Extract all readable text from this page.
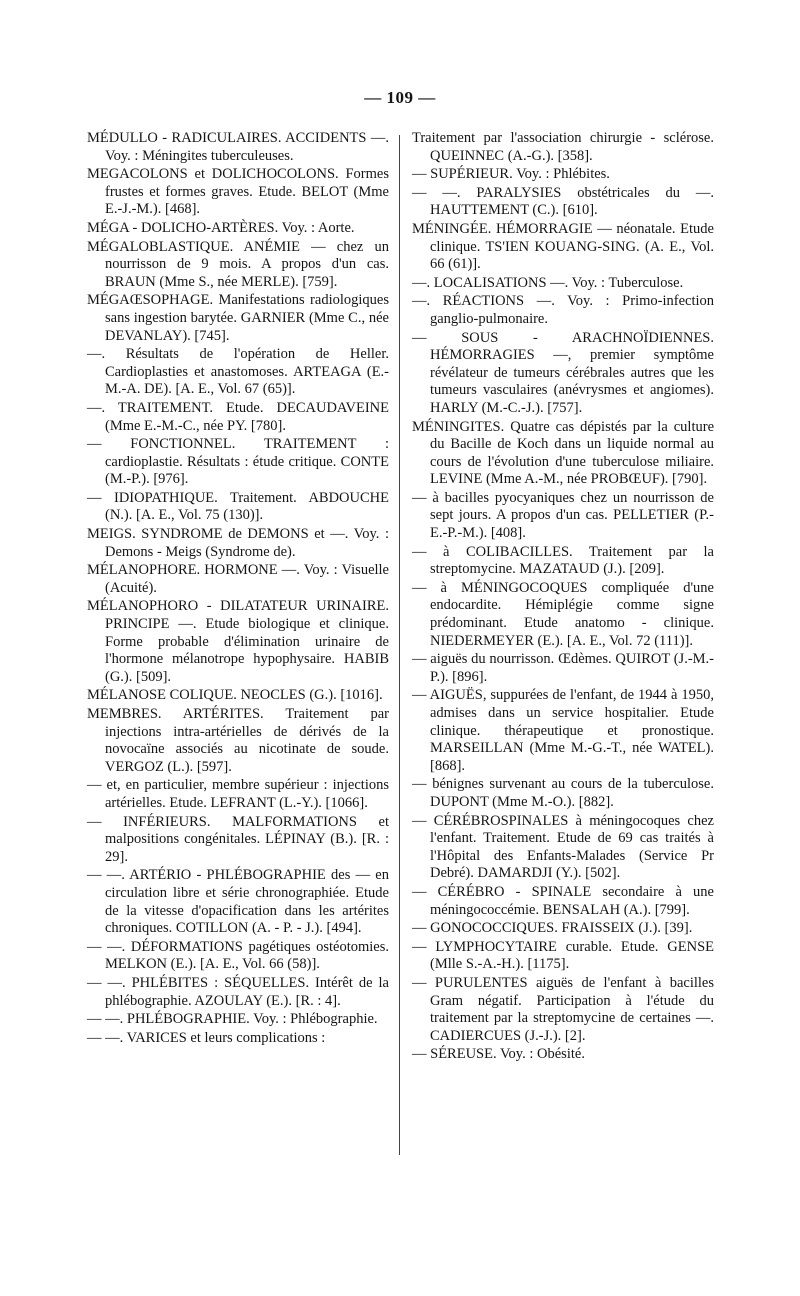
— 109 —

MÉDULLO - RADICULAIRES. ACCIDENTS —. Voy. : Méningites tuberculeuses.

MEGACOLONS et DOLICHOCOLONS. Formes frustes et formes graves. Etude. BELOT (Mme E.-J.-M.). [468].

MÉGA - DOLICHO-ARTÈRES. Voy. : Aorte.

MÉGALOBLASTIQUE. ANÉMIE — chez un nourrisson de 9 mois. A propos d'un cas. BRAUN (Mme S., née MERLE). [759].

MÉGAŒSOPHAGE. Manifestations radiologiques sans ingestion barytée. GARNIER (Mme C., née DEVANLAY). [745].

—. Résultats de l'opération de Heller. Cardioplasties et anastomoses. ARTEAGA (E.-M.-A. DE). [A. E., Vol. 67 (65)].

—. TRAITEMENT. Etude. DECAUDAVEINE (Mme E.-M.-C., née PY. [780].

— FONCTIONNEL. TRAITEMENT : cardioplastie. Résultats : étude critique. CONTE (M.-P.). [976].

— IDIOPATHIQUE. Traitement. ABDOUCHE (N.). [A. E., Vol. 75 (130)].

MEIGS. SYNDROME de DEMONS et —. Voy. : Demons - Meigs (Syndrome de).

MÉLANOPHORE. HORMONE —. Voy. : Visuelle (Acuité).

MÉLANOPHORO - DILATATEUR URINAIRE. PRINCIPE —. Etude biologique et clinique. Forme probable d'élimination urinaire de l'hormone mélanotrope hypophysaire. HABIB (G.). [509].

MÉLANOSE COLIQUE. NEOCLES (G.). [1016].

MEMBRES. ARTÉRITES. Traitement par injections intra-artérielles de dérivés de la novocaïne associés au nicotinate de soude. VERGOZ (L.). [597].

— et, en particulier, membre supérieur : injections artérielles. Etude. LEFRANT (L.-Y.). [1066].

— INFÉRIEURS. MALFORMATIONS et malpositions congénitales. LÉPINAY (B.). [R. : 29].

— —. ARTÉRIO - PHLÉBOGRAPHIE des — en circulation libre et série chronographiée. Etude de la vitesse d'opacification dans les artérites chroniques. COTILLON (A. - P. - J.). [494].

— —. DÉFORMATIONS pagétiques ostéotomies. MELKON (E.). [A. E., Vol. 66 (58)].

— —. PHLÉBITES : SÉQUELLES. Intérêt de la phlébographie. AZOULAY (E.). [R. : 4].

— —. PHLÉBOGRAPHIE. Voy. : Phlébographie.

— —. VARICES et leurs complications :

Traitement par l'association chirurgie - sclérose. QUEINNEC (A.-G.). [358].

— SUPÉRIEUR. Voy. : Phlébites.

— —. PARALYSIES obstétricales du —. HAUTTEMENT (C.). [610].

MÉNINGÉE. HÉMORRAGIE — néonatale. Etude clinique. TS'IEN KOUANG-SING. (A. E., Vol. 66 (61)].

—. LOCALISATIONS —. Voy. : Tuberculose.

—. RÉACTIONS —. Voy. : Primo-infection ganglio-pulmonaire.

— SOUS - ARACHNOÏDIENNES. HÉMORRAGIES —, premier symptôme révélateur de tumeurs cérébrales autres que les tumeurs vasculaires (anévrysmes et angiomes). HARLY (M.-C.-J.). [757].

MÉNINGITES. Quatre cas dépistés par la culture du Bacille de Koch dans un liquide normal au cours de l'évolution d'une tuberculose miliaire. LEVINE (Mme A.-M., née PROBŒUF). [790].

— à bacilles pyocyaniques chez un nourrisson de sept jours. A propos d'un cas. PELLETIER (P.-E.-P.-M.). [408].

— à COLIBACILLES. Traitement par la streptomycine. MAZATAUD (J.). [209].

— à MÉNINGOCOQUES compliquée d'une endocardite. Hémiplégie comme signe prédominant. Etude anatomo - clinique. NIEDERMEYER (E.). [A. E., Vol. 72 (111)].

— aiguës du nourrisson. Œdèmes. QUIROT (J.-M.-P.). [896].

— AIGUËS, suppurées de l'enfant, de 1944 à 1950, admises dans un service hospitalier. Etude clinique. thérapeutique et pronostique. MARSEILLAN (Mme M.-G.-T., née WATEL). [868].

— bénignes survenant au cours de la tuberculose. DUPONT (Mme M.-O.). [882].

— CÉRÉBROSPINALES à méningocoques chez l'enfant. Traitement. Etude de 69 cas traités à l'Hôpital des Enfants-Malades (Service Pr Debré). DAMARDJI (Y.). [502].

— CÉRÉBRO - SPINALE secondaire à une méningococcémie. BENSALAH (A.). [799].

— GONOCOCCIQUES. FRAISSEIX (J.). [39].

— LYMPHOCYTAIRE curable. Etude. GENSE (Mlle S.-A.-H.). [1175].

— PURULENTES aiguës de l'enfant à bacilles Gram négatif. Participation à l'étude du traitement par la streptomycine de certaines —. CADIERCUES (J.-J.). [2].

— SÉREUSE. Voy. : Obésité.
